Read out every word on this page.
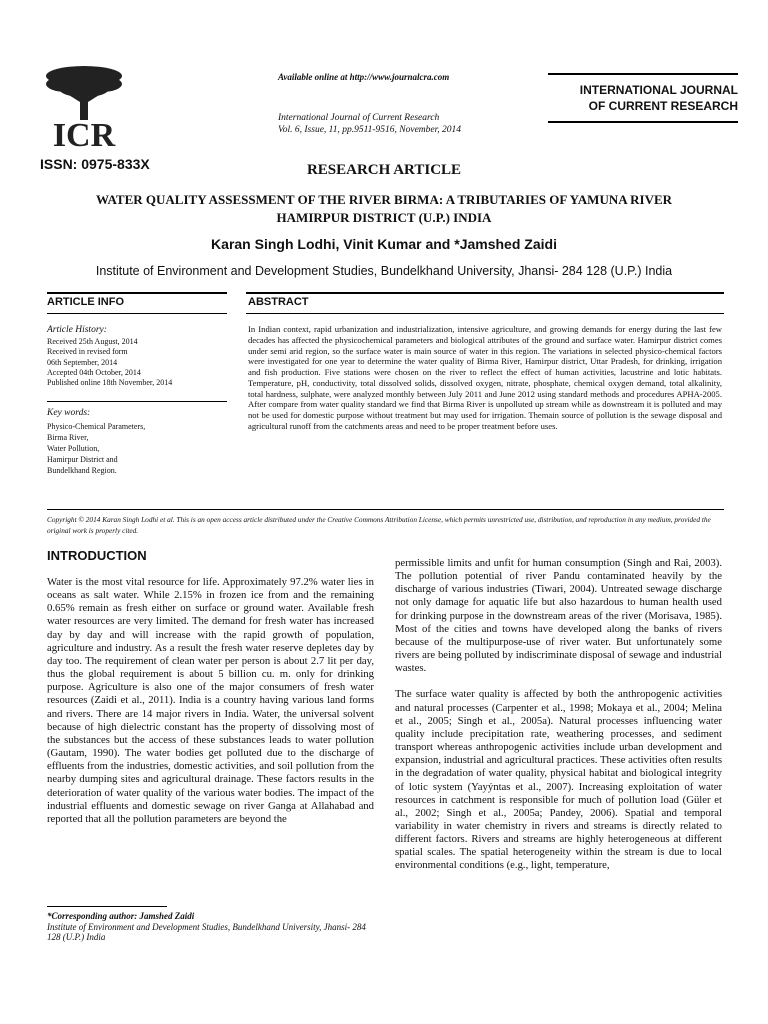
ICR
ISSN: 0975-833X
Available online at http://www.journalcra.com
International Journal of Current Research
Vol. 6, Issue, 11, pp.9511-9516, November, 2014
INTERNATIONAL JOURNAL
OF CURRENT RESEARCH
RESEARCH ARTICLE
WATER QUALITY ASSESSMENT OF THE RIVER BIRMA: A TRIBUTARIES OF YAMUNA RIVER
HAMIRPUR DISTRICT (U.P.) INDIA
Karan Singh Lodhi, Vinit Kumar and *Jamshed Zaidi
Institute of Environment and Development Studies, Bundelkhand University, Jhansi- 284 128 (U.P.) India
ARTICLE INFO	ABSTRACT
Article History:
Received 25th August, 2014
Received in revised form
06th September, 2014
Accepted 04th October, 2014
Published online 18th November, 2014
Key words:
Physico-Chemical Parameters,
Birma River,
Water Pollution,
Hamirpur District and
Bundelkhand Region.
In Indian context, rapid urbanization and industrialization, intensive agriculture, and growing demands for energy during the last few decades has affected the physicochemical parameters and biological attributes of the ground and surface water. Hamirpur district comes under semi arid region, so the surface water is main source of water in this region. The variations in selected physico-chemical factors were investigated for one year to determine the water quality of Birma River, Hamirpur district, Uttar Pradesh, for drinking, irrigation and fish production. Five stations were chosen on the river to reflect the effect of human activities, lacustrine and lotic habitats. Temperature, pH, conductivity, total dissolved solids, dissolved oxygen, nitrate, phosphate, chemical oxygen demand, total alkalinity, total hardness, sulphate, were analyzed monthly between July 2011 and June 2012 using standard methods and procedures APHA-2005. After compare from water quality standard we find that Birma River is unpolluted up stream while as downstream it is polluted and may not be used for domestic purpose without treatment but may used for irrigation. Themain source of pollution is the sewage disposal and agricultural runoff from the catchments areas and need to be proper treatment before uses.
Copyright © 2014 Karan Singh Lodhi et al. This is an open access article distributed under the Creative Commons Attribution License, which permits unrestricted use, distribution, and reproduction in any medium, provided the original work is properly cited.
INTRODUCTION

Water is the most vital resource for life. Approximately 97.2% water lies in oceans as salt water. While 2.15% in frozen ice from and the remaining 0.65% remain as fresh either on surface or ground water. Available fresh water resources are very limited. The demand for fresh water has increased day by day and will increase with the rapid growth of population, agriculture and industry. As a result the fresh water reserve depletes day by day too. The requirement of clean water per person is about 2.7 lit per day, thus the global requirement is about 5 billion cu. m. only for drinking purpose. Agriculture is also one of the major consumers of fresh water resources (Zaidi et al., 2011). India is a country having various land forms and rivers. There are 14 major rivers in India. Water, the universal solvent because of high dielectric constant has the property of dissolving most of the substances but the access of these substances leads to water pollution (Gautam, 1990). The water bodies get polluted due to the discharge of effluents from the industries, domestic activities, and soil pollution from the nearby dumping sites and agricultural drainage. These factors results in the deterioration of water quality of the various water bodies. The impact of the industrial effluents and domestic sewage on river Ganga at Allahabad and reported that all the pollution parameters are beyond the

permissible limits and unfit for human consumption (Singh and Rai, 2003). The pollution potential of river Pandu contaminated heavily by the discharge of various industries (Tiwari, 2004). Untreated sewage discharge not only damage for aquatic life but also hazardous to human health used for drinking purpose in the downstream areas of the river (Morisava, 1985). Most of the cities and towns have developed along the banks of rivers because of the multipurpose-use of river water. But unfortunately some rivers are being polluted by indiscriminate disposal of sewage and industrial wastes.

The surface water quality is affected by both the anthropogenic activities and natural processes (Carpenter et al., 1998; Mokaya et al., 2004; Melina et al., 2005; Singh et al., 2005a). Natural processes influencing water quality include precipitation rate, weathering processes, and sediment transport whereas anthropogenic activities include urban development and expansion, industrial and agricultural practices. These activities often results in the degradation of water quality, physical habitat and biological integrity of lotic system (Yayýntas et al., 2007). Increasing exploitation of water resources in catchment is responsible for much of pollution load (Güler et al., 2002; Singh et al., 2005a; Pandey, 2006). Spatial and temporal variability in water chemistry in rivers and streams is directly related to different factors. Rivers and streams are highly heterogeneous at different spatial scales. The spatial heterogeneity within the stream is due to local environmental conditions (e.g., light, temperature,

*Corresponding author: Jamshed Zaidi
Institute of Environment and Development Studies, Bundelkhand University, Jhansi- 284 128 (U.P.) India
